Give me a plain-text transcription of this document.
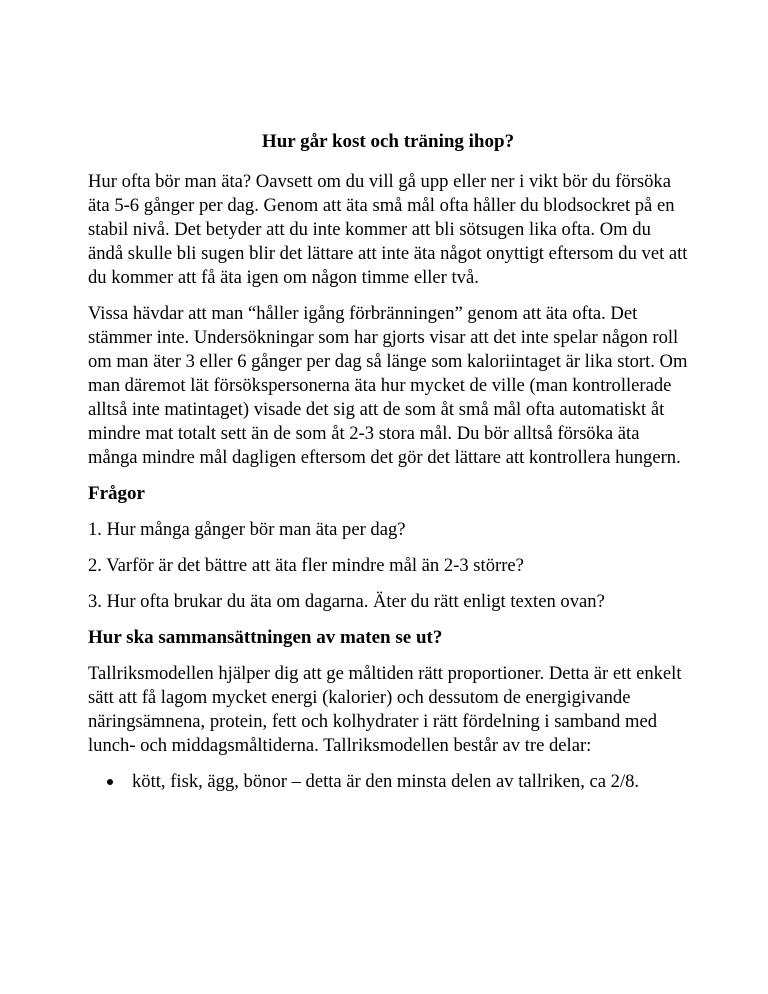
Hur går kost och träning ihop?

Hur ofta bör man äta? Oavsett om du vill gå upp eller ner i vikt bör du försöka äta 5-6 gånger per dag. Genom att äta små mål ofta håller du blodsockret på en stabil nivå. Det betyder att du inte kommer att bli sötsugen lika ofta. Om du ändå skulle bli sugen blir det lättare att inte äta något onyttigt eftersom du vet att du kommer att få äta igen om någon timme eller två.

Vissa hävdar att man “håller igång förbränningen” genom att äta ofta. Det stämmer inte. Undersökningar som har gjorts visar att det inte spelar någon roll om man äter 3 eller 6 gånger per dag så länge som kaloriintaget är lika stort. Om man däremot lät försökspersonerna äta hur mycket de ville (man kontrollerade alltså inte matintaget) visade det sig att de som åt små mål ofta automatiskt åt mindre mat totalt sett än de som åt 2-3 stora mål. Du bör alltså försöka äta många mindre mål dagligen eftersom det gör det lättare att kontrollera hungern.

Frågor

1. Hur många gånger bör man äta per dag?

2. Varför är det bättre att äta fler mindre mål än 2-3 större?

3. Hur ofta brukar du äta om dagarna. Äter du rätt enligt texten ovan?

Hur ska sammansättningen av maten se ut?

Tallriksmodellen hjälper dig att ge måltiden rätt proportioner. Detta är ett enkelt sätt att få lagom mycket energi (kalorier) och dessutom de energigivande näringsämnena, protein, fett och kolhydrater i rätt fördelning i samband med lunch- och middagsmåltiderna. Tallriksmodellen består av tre delar:

kött, fisk, ägg, bönor – detta är den minsta delen av tallriken, ca 2/8.
